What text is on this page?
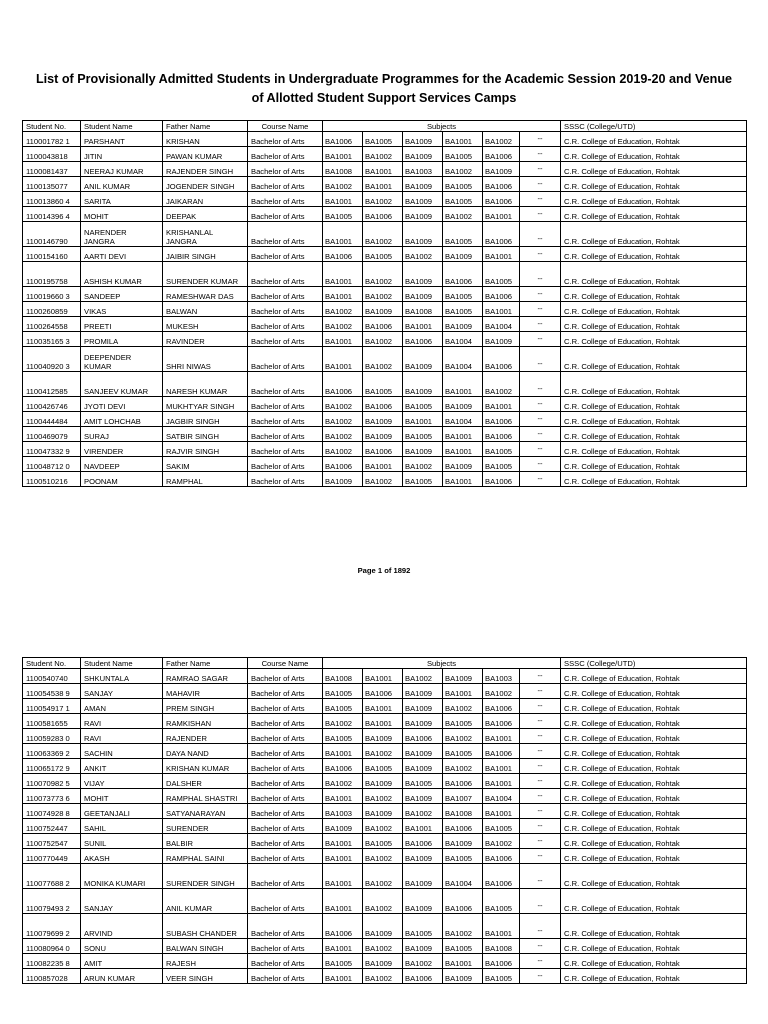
List of Provisionally Admitted Students in Undergraduate Programmes for the Academic Session 2019-20 and Venue
of Allotted Student Support Services Camps
Student No.	Student Name	Father Name	Course Name	Subjects						SSSC (College/UTD)
110001782 1	PARSHANT	KRISHAN	Bachelor of Arts	BA1006	BA1005	BA1009	BA1001	BA1002	--	C.R. College of Education, Rohtak
1100043818	JITIN	PAWAN KUMAR	Bachelor of Arts	BA1001	BA1002	BA1009	BA1005	BA1006	--	C.R. College of Education, Rohtak
1100081437	NEERAJ KUMAR	RAJENDER SINGH	Bachelor of Arts	BA1008	BA1001	BA1003	BA1002	BA1009	--	C.R. College of Education, Rohtak
1100135077	ANIL KUMAR	JOGENDER SINGH	Bachelor of Arts	BA1002	BA1001	BA1009	BA1005	BA1006	--	C.R. College of Education, Rohtak
110013860 4	SARITA	JAIKARAN	Bachelor of Arts	BA1001	BA1002	BA1009	BA1005	BA1006	--	C.R. College of Education, Rohtak
110014396 4	MOHIT	DEEPAK	Bachelor of Arts	BA1005	BA1006	BA1009	BA1002	BA1001	--	C.R. College of Education, Rohtak
1100146790	NARENDER JANGRA	KRISHANLAL JANGRA	Bachelor of Arts	BA1001	BA1002	BA1009	BA1005	BA1006	--	C.R. College of Education, Rohtak
1100154160	AARTI DEVI	JAIBIR SINGH	Bachelor of Arts	BA1006	BA1005	BA1002	BA1009	BA1001	--	C.R. College of Education, Rohtak
1100195758	ASHISH KUMAR	SURENDER KUMAR	Bachelor of Arts	BA1001	BA1002	BA1009	BA1006	BA1005	--	C.R. College of Education, Rohtak
110019660 3	SANDEEP	RAMESHWAR DAS	Bachelor of Arts	BA1001	BA1002	BA1009	BA1005	BA1006	--	C.R. College of Education, Rohtak
1100260859	VIKAS	BALWAN	Bachelor of Arts	BA1002	BA1009	BA1008	BA1005	BA1001	--	C.R. College of Education, Rohtak
1100264558	PREETI	MUKESH	Bachelor of Arts	BA1002	BA1006	BA1001	BA1009	BA1004	--	C.R. College of Education, Rohtak
110035165 3	PROMILA	RAVINDER	Bachelor of Arts	BA1001	BA1002	BA1006	BA1004	BA1009	--	C.R. College of Education, Rohtak
110040920 3	DEEPENDER KUMAR	SHRI NIWAS	Bachelor of Arts	BA1001	BA1002	BA1009	BA1004	BA1006	--	C.R. College of Education, Rohtak
1100412585	SANJEEV KUMAR	NARESH KUMAR	Bachelor of Arts	BA1006	BA1005	BA1009	BA1001	BA1002	--	C.R. College of Education, Rohtak
1100426746	JYOTI DEVI	MUKHTYAR SINGH	Bachelor of Arts	BA1002	BA1006	BA1005	BA1009	BA1001	--	C.R. College of Education, Rohtak
1100444484	AMIT LOHCHAB	JAGBIR SINGH	Bachelor of Arts	BA1002	BA1009	BA1001	BA1004	BA1006	--	C.R. College of Education, Rohtak
1100469079	SURAJ	SATBIR SINGH	Bachelor of Arts	BA1002	BA1009	BA1005	BA1001	BA1006	--	C.R. College of Education, Rohtak
110047332 9	VIRENDER	RAJVIR SINGH	Bachelor of Arts	BA1002	BA1006	BA1009	BA1001	BA1005	--	C.R. College of Education, Rohtak
110048712 0	NAVDEEP	SAKIM	Bachelor of Arts	BA1006	BA1001	BA1002	BA1009	BA1005	--	C.R. College of Education, Rohtak
1100510216	POONAM	RAMPHAL	Bachelor of Arts	BA1009	BA1002	BA1005	BA1001	BA1006	--	C.R. College of Education, Rohtak
Page 1 of 1892
Student No.	Student Name	Father Name	Course Name	Subjects						SSSC (College/UTD)
1100540740	SHKUNTALA	RAMRAO SAGAR	Bachelor of Arts	BA1008	BA1001	BA1002	BA1009	BA1003	--	C.R. College of Education, Rohtak
110054538 9	SANJAY	MAHAVIR	Bachelor of Arts	BA1005	BA1006	BA1009	BA1001	BA1002	--	C.R. College of Education, Rohtak
110054917 1	AMAN	PREM SINGH	Bachelor of Arts	BA1005	BA1001	BA1009	BA1002	BA1006	--	C.R. College of Education, Rohtak
1100581655	RAVI	RAMKISHAN	Bachelor of Arts	BA1002	BA1001	BA1009	BA1005	BA1006	--	C.R. College of Education, Rohtak
110059283 0	RAVI	RAJENDER	Bachelor of Arts	BA1005	BA1009	BA1006	BA1002	BA1001	--	C.R. College of Education, Rohtak
110063369 2	SACHIN	DAYA NAND	Bachelor of Arts	BA1001	BA1002	BA1009	BA1005	BA1006	--	C.R. College of Education, Rohtak
110065172 9	ANKIT	KRISHAN KUMAR	Bachelor of Arts	BA1006	BA1005	BA1009	BA1002	BA1001	--	C.R. College of Education, Rohtak
110070982 5	VIJAY	DALSHER	Bachelor of Arts	BA1002	BA1009	BA1005	BA1006	BA1001	--	C.R. College of Education, Rohtak
110073773 6	MOHIT	RAMPHAL SHASTRI	Bachelor of Arts	BA1001	BA1002	BA1009	BA1007	BA1004	--	C.R. College of Education, Rohtak
110074928 8	GEETANJALI	SATYANARAYAN	Bachelor of Arts	BA1003	BA1009	BA1002	BA1008	BA1001	--	C.R. College of Education, Rohtak
1100752447	SAHIL	SURENDER	Bachelor of Arts	BA1009	BA1002	BA1001	BA1006	BA1005	--	C.R. College of Education, Rohtak
1100752547	SUNIL	BALBIR	Bachelor of Arts	BA1001	BA1005	BA1006	BA1009	BA1002	--	C.R. College of Education, Rohtak
1100770449	AKASH	RAMPHAL SAINI	Bachelor of Arts	BA1001	BA1002	BA1009	BA1005	BA1006	--	C.R. College of Education, Rohtak
110077688 2	MONIKA KUMARI	SURENDER SINGH	Bachelor of Arts	BA1001	BA1002	BA1009	BA1004	BA1006	--	C.R. College of Education, Rohtak
110079493 2	SANJAY	ANIL KUMAR	Bachelor of Arts	BA1001	BA1002	BA1009	BA1006	BA1005	--	C.R. College of Education, Rohtak
110079699 2	ARVIND	SUBASH CHANDER	Bachelor of Arts	BA1006	BA1009	BA1005	BA1002	BA1001	--	C.R. College of Education, Rohtak
110080964 0	SONU	BALWAN SINGH	Bachelor of Arts	BA1001	BA1002	BA1009	BA1005	BA1008	--	C.R. College of Education, Rohtak
110082235 8	AMIT	RAJESH	Bachelor of Arts	BA1005	BA1009	BA1002	BA1001	BA1006	--	C.R. College of Education, Rohtak
1100857028	ARUN KUMAR	VEER SINGH	Bachelor of Arts	BA1001	BA1002	BA1006	BA1009	BA1005	--	C.R. College of Education, Rohtak
